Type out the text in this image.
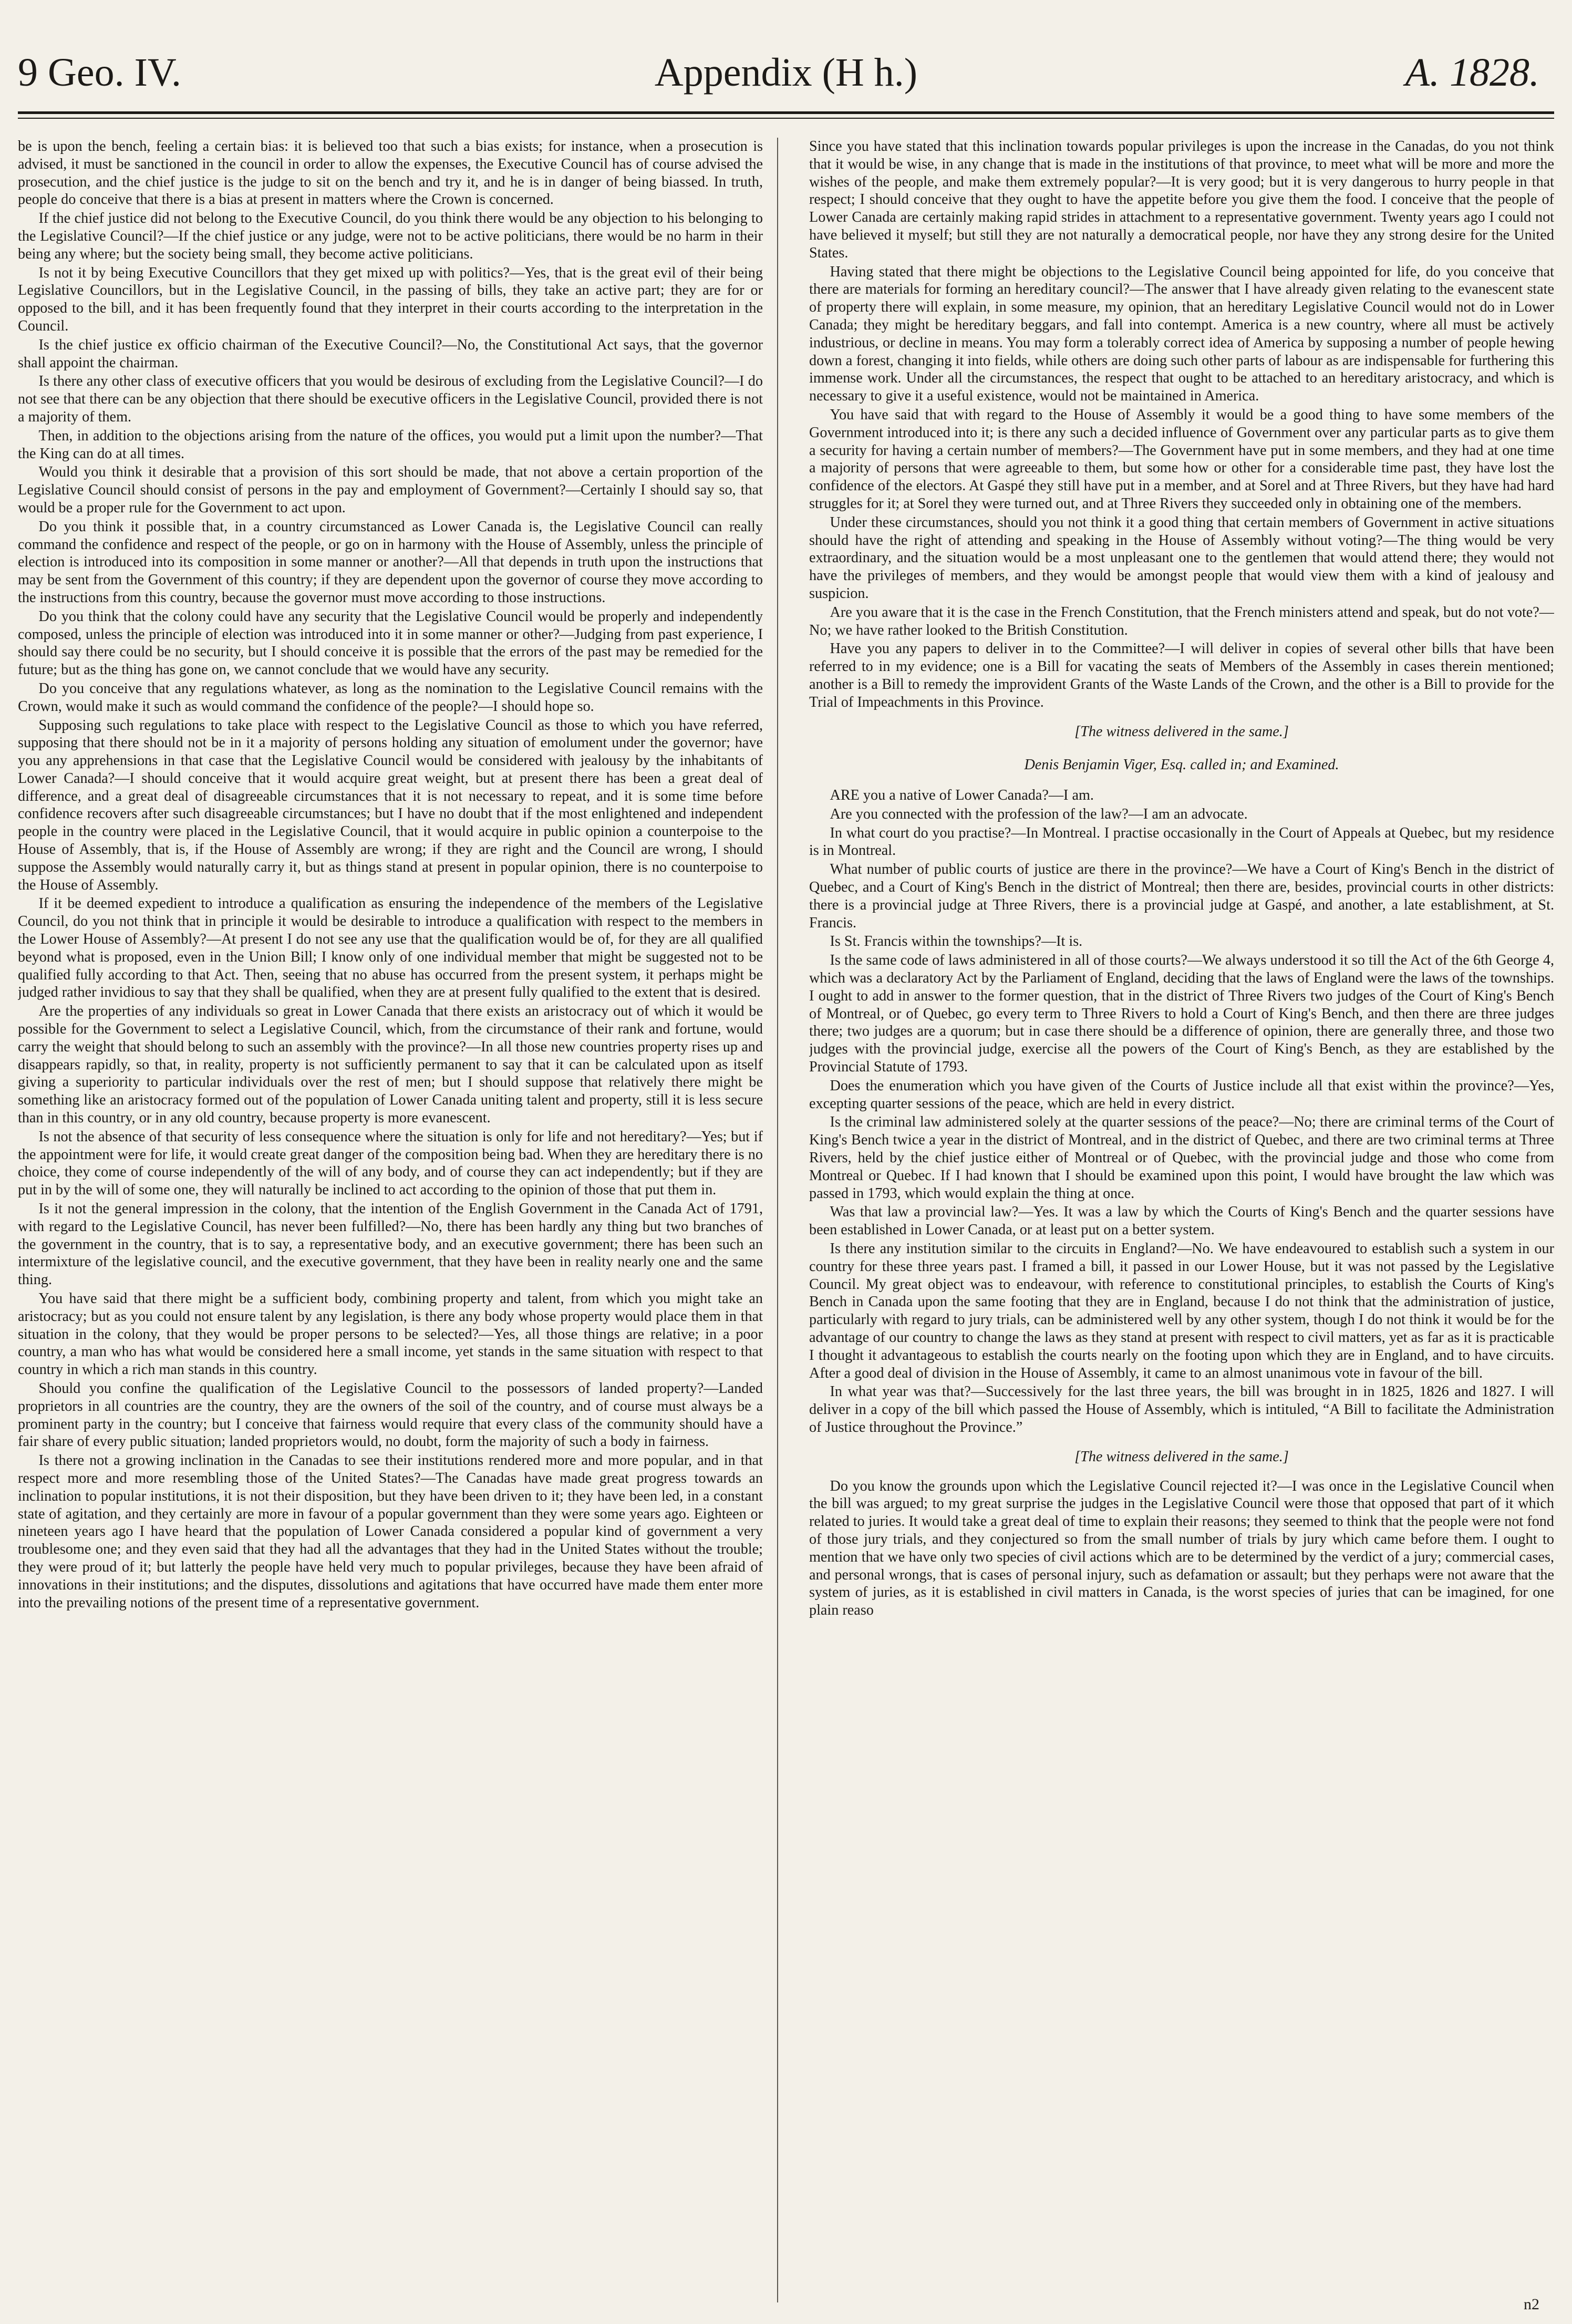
9 Geo. IV.	Appendix (H h.)	A. 1828.

be is upon the bench, feeling a certain bias: it is believed too that such a bias exists; for instance, when a prosecution is advised, it must be sanctioned in the council in order to allow the expenses, the Executive Council has of course advised the prosecution, and the chief justice is the judge to sit on the bench and try it, and he is in danger of being biassed. In truth, people do conceive that there is a bias at present in matters where the Crown is concerned.

If the chief justice did not belong to the Executive Council, do you think there would be any objection to his belonging to the Legislative Council?—If the chief justice or any judge, were not to be active politicians, there would be no harm in their being any where; but the society being small, they become active politicians.

Is not it by being Executive Councillors that they get mixed up with politics?—Yes, that is the great evil of their being Legislative Councillors, but in the Legislative Council, in the passing of bills, they take an active part; they are for or opposed to the bill, and it has been frequently found that they interpret in their courts according to the interpretation in the Council.

Is the chief justice ex officio chairman of the Executive Council?—No, the Constitutional Act says, that the governor shall appoint the chairman.

Is there any other class of executive officers that you would be desirous of excluding from the Legislative Council?—I do not see that there can be any objection that there should be executive officers in the Legislative Council, provided there is not a majority of them.

Then, in addition to the objections arising from the nature of the offices, you would put a limit upon the number?—That the King can do at all times.

Would you think it desirable that a provision of this sort should be made, that not above a certain proportion of the Legislative Council should consist of persons in the pay and employment of Government?—Certainly I should say so, that would be a proper rule for the Government to act upon.

Do you think it possible that, in a country circumstanced as Lower Canada is, the Legislative Council can really command the confidence and respect of the people, or go on in harmony with the House of Assembly, unless the principle of election is introduced into its composition in some manner or another?—All that depends in truth upon the instructions that may be sent from the Government of this country; if they are dependent upon the governor of course they move according to the instructions from this country, because the governor must move according to those instructions.

Do you think that the colony could have any security that the Legislative Council would be properly and independently composed, unless the principle of election was introduced into it in some manner or other?—Judging from past experience, I should say there could be no security, but I should conceive it is possible that the errors of the past may be remedied for the future; but as the thing has gone on, we cannot conclude that we would have any security.

Do you conceive that any regulations whatever, as long as the nomination to the Legislative Council remains with the Crown, would make it such as would command the confidence of the people?—I should hope so.

Supposing such regulations to take place with respect to the Legislative Council as those to which you have referred, supposing that there should not be in it a majority of persons holding any situation of emolument under the governor; have you any apprehensions in that case that the Legislative Council would be considered with jealousy by the inhabitants of Lower Canada?—I should conceive that it would acquire great weight, but at present there has been a great deal of difference, and a great deal of disagreeable circumstances that it is not necessary to repeat, and it is some time before confidence recovers after such disagreeable circumstances; but I have no doubt that if the most enlightened and independent people in the country were placed in the Legislative Council, that it would acquire in public opinion a counterpoise to the House of Assembly, that is, if the House of Assembly are wrong; if they are right and the Council are wrong, I should suppose the Assembly would naturally carry it, but as things stand at present in popular opinion, there is no counterpoise to the House of Assembly.

If it be deemed expedient to introduce a qualification as ensuring the independence of the members of the Legislative Council, do you not think that in principle it would be desirable to introduce a qualification with respect to the members in the Lower House of Assembly?—At present I do not see any use that the qualification would be of, for they are all qualified beyond what is proposed, even in the Union Bill; I know only of one individual member that might be suggested not to be qualified fully according to that Act. Then, seeing that no abuse has occurred from the present system, it perhaps might be judged rather invidious to say that they shall be qualified, when they are at present fully qualified to the extent that is desired.

Are the properties of any individuals so great in Lower Canada that there exists an aristocracy out of which it would be possible for the Government to select a Legislative Council, which, from the circumstance of their rank and fortune, would carry the weight that should belong to such an assembly with the province?—In all those new countries property rises up and disappears rapidly, so that, in reality, property is not sufficiently permanent to say that it can be calculated upon as itself giving a superiority to particular individuals over the rest of men; but I should suppose that relatively there might be something like an aristocracy formed out of the population of Lower Canada uniting talent and property, still it is less secure than in this country, or in any old country, because property is more evanescent.

Is not the absence of that security of less consequence where the situation is only for life and not hereditary?—Yes; but if the appointment were for life, it would create great danger of the composition being bad. When they are hereditary there is no choice, they come of course independently of the will of any body, and of course they can act independently; but if they are put in by the will of some one, they will naturally be inclined to act according to the opinion of those that put them in.

Is it not the general impression in the colony, that the intention of the English Government in the Canada Act of 1791, with regard to the Legislative Council, has never been fulfilled?—No, there has been hardly any thing but two branches of the government in the country, that is to say, a representative body, and an executive government; there has been such an intermixture of the legislative council, and the executive government, that they have been in reality nearly one and the same thing.

You have said that there might be a sufficient body, combining property and talent, from which you might take an aristocracy; but as you could not ensure talent by any legislation, is there any body whose property would place them in that situation in the colony, that they would be proper persons to be selected?—Yes, all those things are relative; in a poor country, a man who has what would be considered here a small income, yet stands in the same situation with respect to that country in which a rich man stands in this country.

Should you confine the qualification of the Legislative Council to the possessors of landed property?—Landed proprietors in all countries are the country, they are the owners of the soil of the country, and of course must always be a prominent party in the country; but I conceive that fairness would require that every class of the community should have a fair share of every public situation; landed proprietors would, no doubt, form the majority of such a body in fairness.

Is there not a growing inclination in the Canadas to see their institutions rendered more and more popular, and in that respect more and more resembling those of the United States?—The Canadas have made great progress towards an inclination to popular institutions, it is not their disposition, but they have been driven to it; they have been led, in a constant state of agitation, and they certainly are more in favour of a popular government than they were some years ago. Eighteen or nineteen years ago I have heard that the population of Lower Canada considered a popular kind of government a very troublesome one; and they even said that they had all the advantages that they had in the United States without the trouble; they were proud of it; but latterly the people have held very much to popular privileges, because they have been afraid of innovations in their institutions; and the disputes, dissolutions and agitations that have occurred have made them enter more into the prevailing notions of the present time of a representative government.

Since you have stated that this inclination towards popular privileges is upon the increase in the Canadas, do you not think that it would be wise, in any change that is made in the institutions of that province, to meet what will be more and more the wishes of the people, and make them extremely popular?—It is very good; but it is very dangerous to hurry people in that respect; I should conceive that they ought to have the appetite before you give them the food. I conceive that the people of Lower Canada are certainly making rapid strides in attachment to a representative government. Twenty years ago I could not have believed it myself; but still they are not naturally a democratical people, nor have they any strong desire for the United States.

Having stated that there might be objections to the Legislative Council being appointed for life, do you conceive that there are materials for forming an hereditary council?—The answer that I have already given relating to the evanescent state of property there will explain, in some measure, my opinion, that an hereditary Legislative Council would not do in Lower Canada; they might be hereditary beggars, and fall into contempt. America is a new country, where all must be actively industrious, or decline in means. You may form a tolerably correct idea of America by supposing a number of people hewing down a forest, changing it into fields, while others are doing such other parts of labour as are indispensable for furthering this immense work. Under all the circumstances, the respect that ought to be attached to an hereditary aristocracy, and which is necessary to give it a useful existence, would not be maintained in America.

You have said that with regard to the House of Assembly it would be a good thing to have some members of the Government introduced into it; is there any such a decided influence of Government over any particular parts as to give them a security for having a certain number of members?—The Government have put in some members, and they had at one time a majority of persons that were agreeable to them, but some how or other for a considerable time past, they have lost the confidence of the electors. At Gaspé they still have put in a member, and at Sorel and at Three Rivers, but they have had hard struggles for it; at Sorel they were turned out, and at Three Rivers they succeeded only in obtaining one of the members.

Under these circumstances, should you not think it a good thing that certain members of Government in active situations should have the right of attending and speaking in the House of Assembly without voting?—The thing would be very extraordinary, and the situation would be a most unpleasant one to the gentlemen that would attend there; they would not have the privileges of members, and they would be amongst people that would view them with a kind of jealousy and suspicion.

Are you aware that it is the case in the French Constitution, that the French ministers attend and speak, but do not vote?—No; we have rather looked to the British Constitution.

Have you any papers to deliver in to the Committee?—I will deliver in copies of several other bills that have been referred to in my evidence; one is a Bill for vacating the seats of Members of the Assembly in cases therein mentioned; another is a Bill to remedy the improvident Grants of the Waste Lands of the Crown, and the other is a Bill to provide for the Trial of Impeachments in this Province.

[The witness delivered in the same.]

Denis Benjamin Viger, Esq. called in; and Examined.

ARE you a native of Lower Canada?—I am.

Are you connected with the profession of the law?—I am an advocate.

In what court do you practise?—In Montreal. I practise occasionally in the Court of Appeals at Quebec, but my residence is in Montreal.

What number of public courts of justice are there in the province?—We have a Court of King's Bench in the district of Quebec, and a Court of King's Bench in the district of Montreal; then there are, besides, provincial courts in other districts: there is a provincial judge at Three Rivers, there is a provincial judge at Gaspé, and another, a late establishment, at St. Francis.

Is St. Francis within the townships?—It is.

Is the same code of laws administered in all of those courts?—We always understood it so till the Act of the 6th George 4, which was a declaratory Act by the Parliament of England, deciding that the laws of England were the laws of the townships. I ought to add in answer to the former question, that in the district of Three Rivers two judges of the Court of King's Bench of Montreal, or of Quebec, go every term to Three Rivers to hold a Court of King's Bench, and then there are three judges there; two judges are a quorum; but in case there should be a difference of opinion, there are generally three, and those two judges with the provincial judge, exercise all the powers of the Court of King's Bench, as they are established by the Provincial Statute of 1793.

Does the enumeration which you have given of the Courts of Justice include all that exist within the province?—Yes, excepting quarter sessions of the peace, which are held in every district.

Is the criminal law administered solely at the quarter sessions of the peace?—No; there are criminal terms of the Court of King's Bench twice a year in the district of Montreal, and in the district of Quebec, and there are two criminal terms at Three Rivers, held by the chief justice either of Montreal or of Quebec, with the provincial judge and those who come from Montreal or Quebec. If I had known that I should be examined upon this point, I would have brought the law which was passed in 1793, which would explain the thing at once.

Was that law a provincial law?—Yes. It was a law by which the Courts of King's Bench and the quarter sessions have been established in Lower Canada, or at least put on a better system.

Is there any institution similar to the circuits in England?—No. We have endeavoured to establish such a system in our country for these three years past. I framed a bill, it passed in our Lower House, but it was not passed by the Legislative Council. My great object was to endeavour, with reference to constitutional principles, to establish the Courts of King's Bench in Canada upon the same footing that they are in England, because I do not think that the administration of justice, particularly with regard to jury trials, can be administered well by any other system, though I do not think it would be for the advantage of our country to change the laws as they stand at present with respect to civil matters, yet as far as it is practicable I thought it advantageous to establish the courts nearly on the footing upon which they are in England, and to have circuits. After a good deal of division in the House of Assembly, it came to an almost unanimous vote in favour of the bill.

In what year was that?—Successively for the last three years, the bill was brought in in 1825, 1826 and 1827. I will deliver in a copy of the bill which passed the House of Assembly, which is intituled, “A Bill to facilitate the Administration of Justice throughout the Province.”

[The witness delivered in the same.]

Do you know the grounds upon which the Legislative Council rejected it?—I was once in the Legislative Council when the bill was argued; to my great surprise the judges in the Legislative Council were those that opposed that part of it which related to juries. It would take a great deal of time to explain their reasons; they seemed to think that the people were not fond of those jury trials, and they conjectured so from the small number of trials by jury which came before them. I ought to mention that we have only two species of civil actions which are to be determined by the verdict of a jury; commercial cases, and personal wrongs, that is cases of personal injury, such as defamation or assault; but they perhaps were not aware that the system of juries, as it is established in civil matters in Canada, is the worst species of juries that can be imagined, for one plain reaso

n2
